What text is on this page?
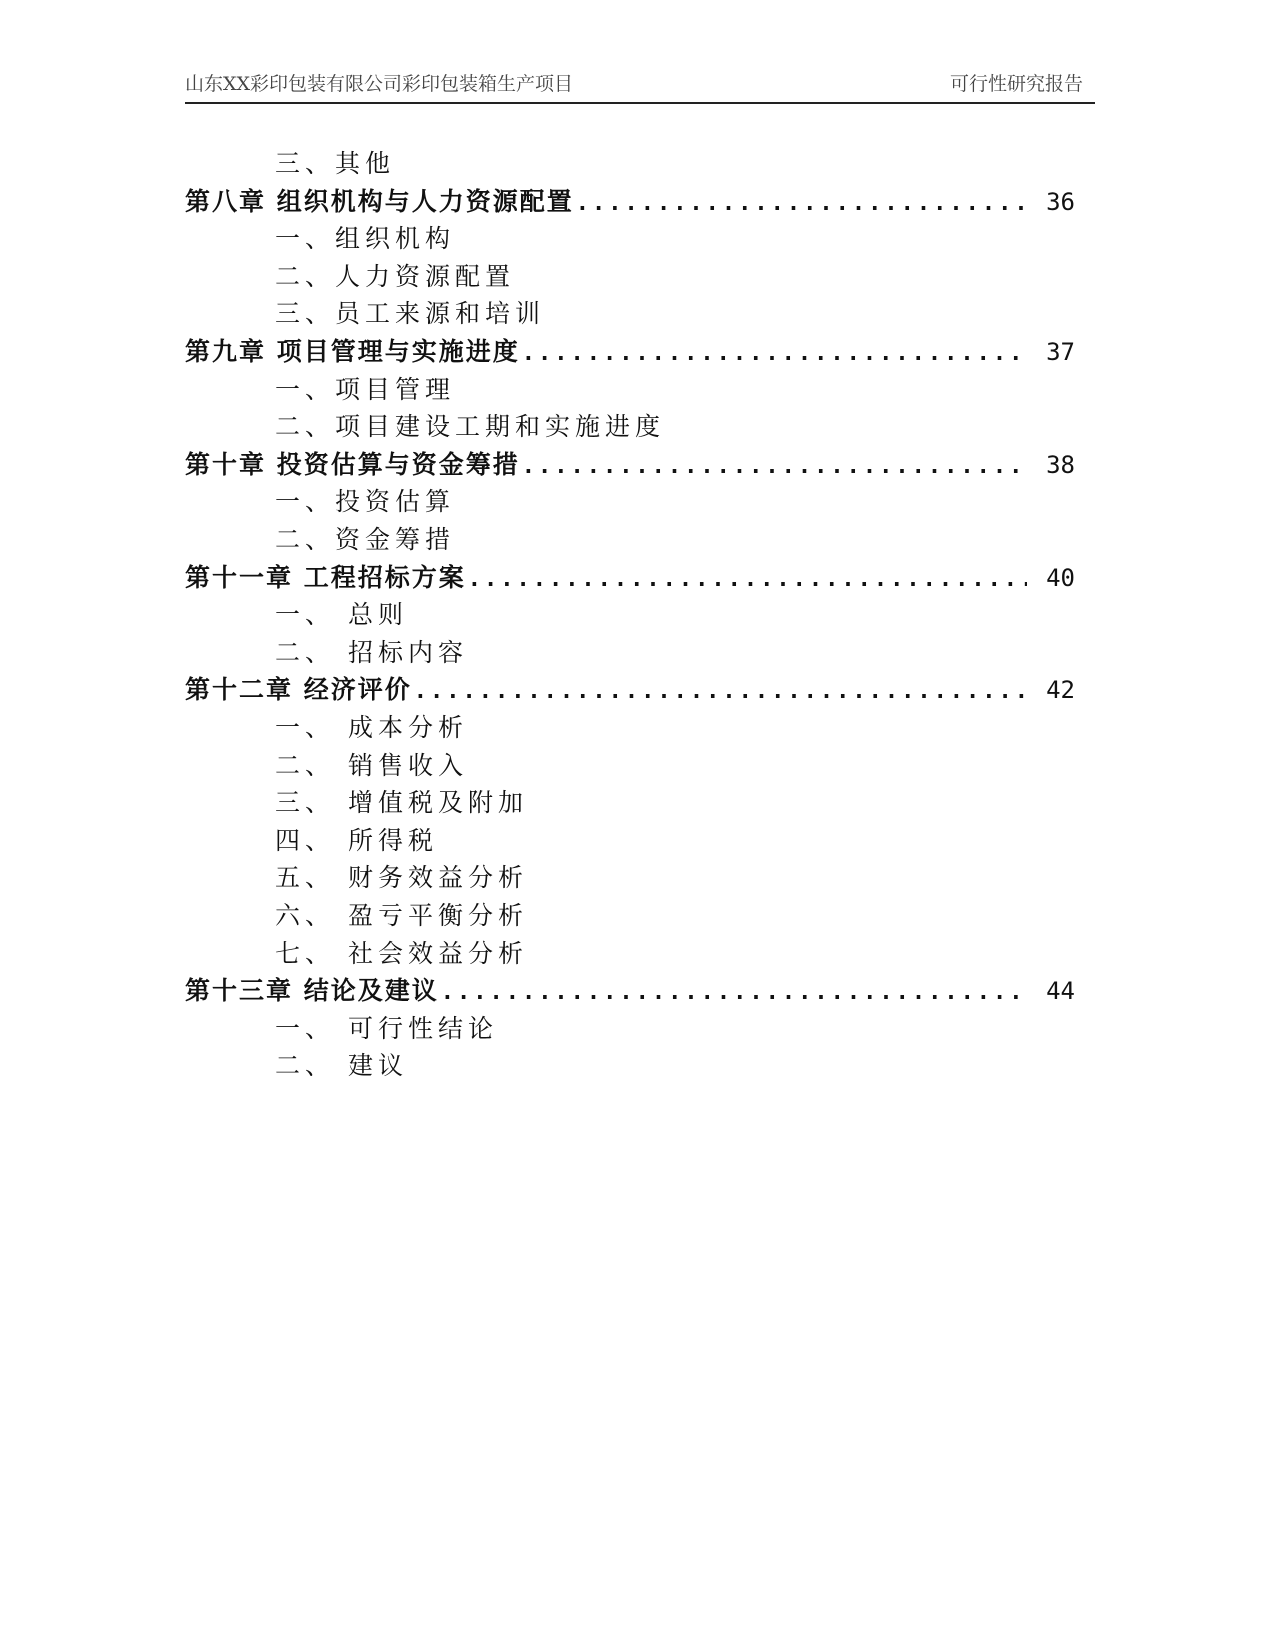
山东XX彩印包装有限公司彩印包装箱生产项目	可行性研究报告
三、其他
第八章 组织机构与人力资源配置 .....	36
一、组织机构
二、人力资源配置
三、员工来源和培训
第九章 项目管理与实施进度 .....	37
一、项目管理
二、项目建设工期和实施进度
第十章 投资估算与资金筹措 .....	38
一、投资估算
二、资金筹措
第十一章 工程招标方案 .....	40
一、 总则
二、 招标内容
第十二章 经济评价 .....	42
一、 成本分析
二、 销售收入
三、 增值税及附加
四、 所得税
五、 财务效益分析
六、 盈亏平衡分析
七、 社会效益分析
第十三章 结论及建议 .....	44
一、 可行性结论
二、 建议
